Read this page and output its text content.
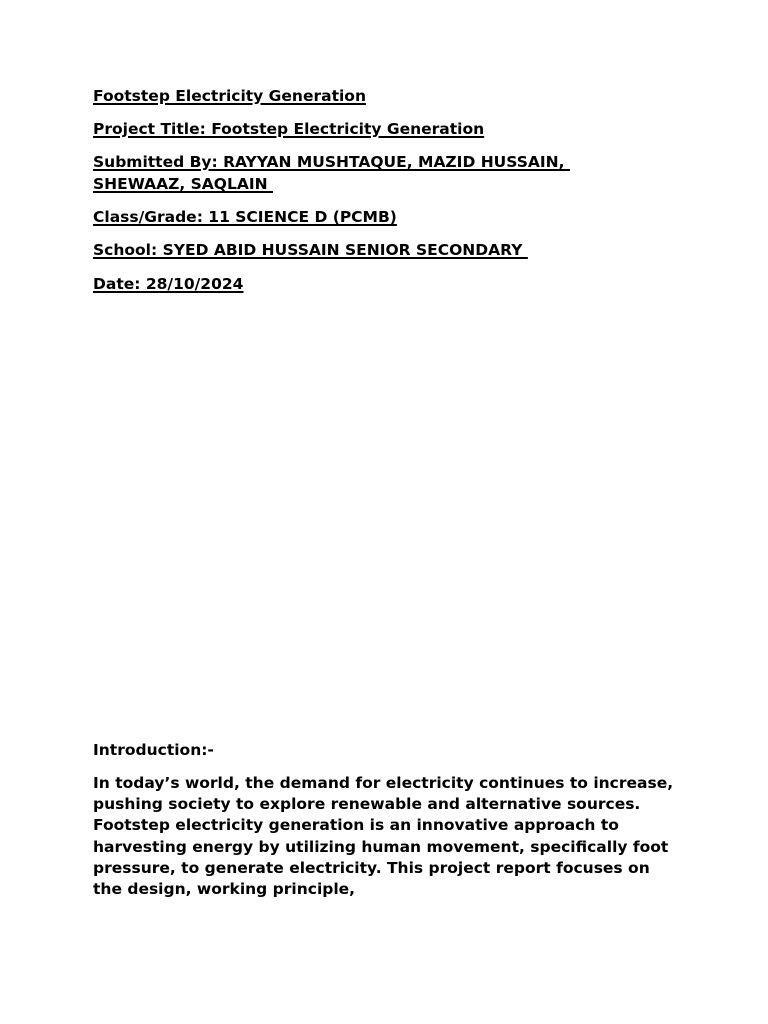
Footstep Electricity Generation

Project Title: Footstep Electricity Generation

Submitted By: RAYYAN MUSHTAQUE, MAZID HUSSAIN,

SHEWAAZ, SAQLAIN

Class/Grade: 11 SCIENCE D (PCMB)

School: SYED ABID HUSSAIN SENIOR SECONDARY

Date: 28/10/2024

Introduction:-

In today’s world, the demand for electricity continues to increase, pushing society to explore renewable and alternative sources. Footstep electricity generation is an innovative approach to harvesting energy by utilizing human movement, specifically foot pressure, to generate electricity. This project report focuses on the design, working principle,
